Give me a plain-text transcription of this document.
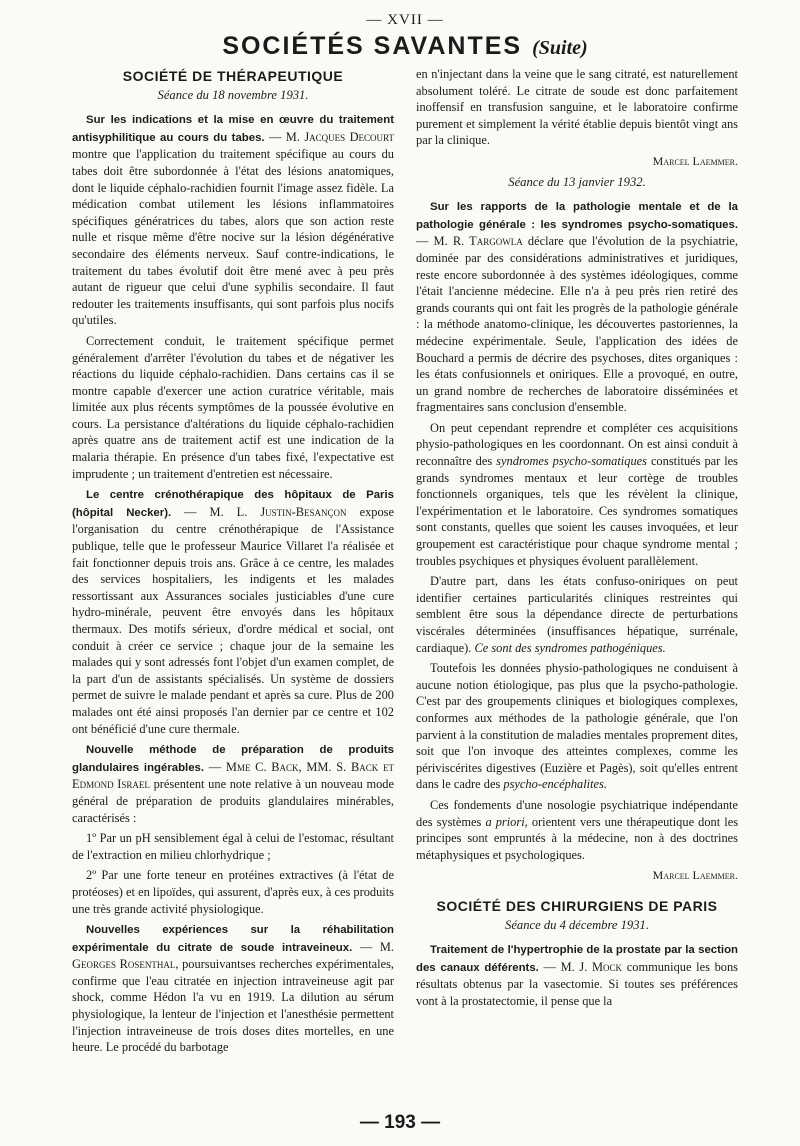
— XVII —
SOCIÉTÉS SAVANTES (Suite)
SOCIÉTÉ DE THÉRAPEUTIQUE
Séance du 18 novembre 1931.

Sur les indications et la mise en œuvre du traitement antisyphilitique au cours du tabes. — M. Jacques Decourt montre que l'application du traitement spécifique au cours du tabes doit être subordonnée à l'état des lésions anatomiques, dont le liquide céphalo-rachidien fournit l'image assez fidèle. La médication combat utilement les lésions inflammatoires spécifiques génératrices du tabes, alors que son action reste nulle et risque même d'être nocive sur la lésion dégénérative secondaire des éléments nerveux. Sauf contre-indications, le traitement du tabes évolutif doit être mené avec à peu près autant de rigueur que celui d'une syphilis secondaire. Il faut redouter les traitements insuffisants, qui sont parfois plus nocifs qu'utiles.

Correctement conduit, le traitement spécifique permet généralement d'arrêter l'évolution du tabes et de négativer les réactions du liquide céphalo-rachidien. Dans certains cas il se montre capable d'exercer une action curatrice véritable, mais limitée aux plus récents symptômes de la poussée évolutive en cours. La persistance d'altérations du liquide céphalo-rachidien après quatre ans de traitement actif est une indication de la malaria thérapie. En présence d'un tabes fixé, l'expectative est imprudente ; un traitement d'entretien est nécessaire.

Le centre crénothérapique des hôpitaux de Paris (hôpital Necker). — M. L. Justin-Besançon expose l'organisation du centre crénothérapique de l'Assistance publique, telle que le professeur Maurice Villaret l'a réalisée et fait fonctionner depuis trois ans. Grâce à ce centre, les malades des services hospitaliers, les indigents et les malades ressortissant aux Assurances sociales justiciables d'une cure hydro-minérale, peuvent être envoyés dans les hôpitaux thermaux. Des motifs sérieux, d'ordre médical et social, ont conduit à créer ce service ; chaque jour de la semaine les malades qui y sont adressés font l'objet d'un examen complet, de la part d'un de assistants spécialisés. Un système de dossiers permet de suivre le malade pendant et après sa cure. Plus de 200 malades ont été ainsi proposés l'an dernier par ce centre et 102 ont bénéficié d'une cure thermale.

Nouvelle méthode de préparation de produits glandulaires ingérables. — Mme C. Back, MM. S. Back et Edmond Israel présentent une note relative à un nouveau mode général de préparation de produits glandulaires minérables, caractérisés :

1º Par un pH sensiblement égal à celui de l'estomac, résultant de l'extraction en milieu chlorhydrique ;

2º Par une forte teneur en protéines extractives (à l'état de protéoses) et en lipoïdes, qui assurent, d'après eux, à ces produits une très grande activité physiologique.

Nouvelles expériences sur la réhabilitation expérimentale du citrate de soude intraveineux. — M. Georges Rosenthal, poursuivantses recherches expérimentales, confirme que l'eau citratée en injection intraveineuse agit par shock, comme Hédon l'a vu en 1919. La dilution au sérum physiologique, la lenteur de l'injection et l'anesthésie permettent l'injection intraveineuse de trois doses dites mortelles, en une heure. Le procédé du barbotage

en n'injectant dans la veine que le sang citraté, est naturellement absolument toléré. Le citrate de soude est donc parfaitement inoffensif en transfusion sanguine, et le laboratoire confirme purement et simplement la vérité établie depuis bientôt vingt ans par la clinique.

Marcel Laemmer.

Séance du 13 janvier 1932.

Sur les rapports de la pathologie mentale et de la pathologie générale : les syndromes psycho-somatiques. — M. R. Targowla déclare que l'évolution de la psychiatrie, dominée par des considérations administratives et juridiques, reste encore subordonnée à des systèmes idéologiques, comme l'était l'ancienne médecine. Elle n'a à peu près rien retiré des grands courants qui ont fait les progrès de la pathologie générale : la méthode anatomo-clinique, les découvertes pastoriennes, la médecine expérimentale. Seule, l'application des idées de Bouchard a permis de décrire des psychoses, dites organiques : les états confusionnels et oniriques. Elle a provoqué, en outre, un grand nombre de recherches de laboratoire disséminées et fragmentaires sans conclusion d'ensemble.

On peut cependant reprendre et compléter ces acquisitions physio-pathologiques en les coordonnant. On est ainsi conduit à reconnaître des syndromes psycho-somatiques constitués par les grands syndromes mentaux et leur cortège de troubles fonctionnels organiques, tels que les révèlent la clinique, l'expérimentation et le laboratoire. Ces syndromes somatiques sont constants, quelles que soient les causes invoquées, et leur groupement est caractéristique pour chaque syndrome mental ; troubles psychiques et physiques évoluent parallèlement.

D'autre part, dans les états confuso-oniriques on peut identifier certaines particularités cliniques restreintes qui semblent être sous la dépendance directe de perturbations viscérales déterminées (insuffisances hépatique, surrénale, cardiaque). Ce sont des syndromes pathogéniques.

Toutefois les données physio-pathologiques ne conduisent à aucune notion étiologique, pas plus que la psycho-pathologie. C'est par des groupements cliniques et biologiques complexes, conformes aux méthodes de la pathologie générale, que l'on parvient à la constitution de maladies mentales proprement dites, soit que l'on invoque des atteintes complexes, comme les périviscérites digestives (Euzière et Pagès), soit qu'elles entrent dans le cadre des psycho-encéphalites.

Ces fondements d'une nosologie psychiatrique indépendante des systèmes a priori, orientent vers une thérapeutique dont les principes sont empruntés à la médecine, non à des doctrines métaphysiques et psychologiques.

Marcel Laemmer.

SOCIÉTÉ DES CHIRURGIENS DE PARIS
Séance du 4 décembre 1931.

Traitement de l'hypertrophie de la prostate par la section des canaux déférents. — M. J. Mock communique les bons résultats obtenus par la vasectomie. Si toutes ses préférences vont à la prostatectomie, il pense que la

— 193 —
